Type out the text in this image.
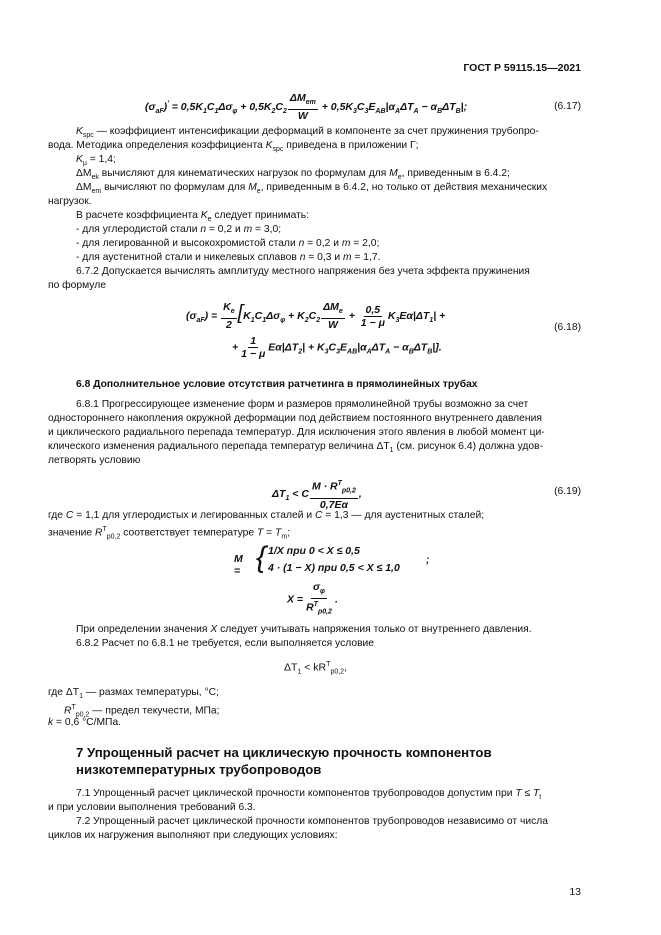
ГОСТ Р 59115.15—2021
$(\sigma_{aF})' = 0,5K_1C_1\Delta\sigma_\varphi + 0,5K_2C_2 \frac{\Delta M_{em}}{W} + 0,5K_3C_3E_{AB}|\alpha_A\Delta T_A - \alpha_B\Delta T_B|$;	(6.17)
$K_{spc}$ — коэффициент интенсификации деформаций в компоненте за счет пружинения трубопро-
вода. Методика определения коэффициента $K_{spc}$ приведена в приложении Г;
$K_\mu = 1,4$;
$\Delta M_{ek}$ вычисляют для кинематических нагрузок по формулам для $M_e$, приведенным в 6.4.2;
$\Delta M_{em}$ вычисляют по формулам для $M_e$, приведенным в 6.4.2, но только от действия механических
нагрузок.
В расчете коэффициента $K_e$ следует принимать:
- для углеродистой стали n = 0,2 и m = 3,0;
- для легированной и высокохромистой стали n = 0,2 и m = 2,0;
- для аустенитной стали и никелевых сплавов n = 0,3 и m = 1,7.
6.7.2 Допускается вычислять амплитуду местного напряжения без учета эффекта пружинения
по формуле
$(\sigma_{aF}) = \frac{K_e}{2} [K_1C_1\Delta\sigma_\varphi + K_2C_2 \frac{\Delta M_e}{W} + \frac{0,5}{1 - \mu} K_3E\alpha|\Delta T_1|$ +
+ $\frac{1}{1 - \mu} E\alpha|\Delta T_2| + K_3C_3E_{AB}|\alpha_A\Delta T_A - \alpha_B\Delta T_B|$].
(6.18)
6.8 Дополнительное условие отсутствия ратчетинга в прямолинейных трубах
6.8.1 Прогрессирующее изменение форм и размеров прямолинейной трубы возможно за счет
одностороннего накопления окружной деформации под действием постоянного внутреннего давления
и циклического радиального перепада температур. Для исключения этого явления в любой момент ци-
клического изменения радиального перепада температур величина $\Delta T_1$ (см. рисунок 6.4) должна удов-
летворять условию
$\Delta T_1 < C \frac{M \cdot R^T_{p0,2}}{0,7E\alpha}$ ,	(6.19)
где C = 1,1 для углеродистых и легированных сталей и C = 1,3 — для аустенитных сталей;
значение $R^T_{p0,2}$ соответствует температуре $T = T_m$;
M = { 1/X при 0 < X ≤ 0,5
4 · (1 − X) при 0,5 < X ≤ 1,0
;
$X = \frac{\sigma_\varphi}{R^T_{p0,2}}$ .
При определении значения X следует учитывать напряжения только от внутреннего давления.
6.8.2 Расчет по 6.8.1 не требуется, если выполняется условие
$\Delta T_1 < kR^T_{p0,2}$,
где $\Delta T_1$ — размах температуры, °С;
$R^T_{p0,2}$ — предел текучести, МПа;
k = 0,6 °С/МПа.
7 Упрощенный расчет на циклическую прочность компонентов
низкотемпературных трубопроводов
7.1 Упрощенный расчет циклической прочности компонентов трубопроводов допустим при $T \le T_t$
и при условии выполнения требований 6.3.
7.2 Упрощенный расчет циклической прочности компонентов трубопроводов независимо от числа
циклов их нагружения выполняют при следующих условиях:
13
